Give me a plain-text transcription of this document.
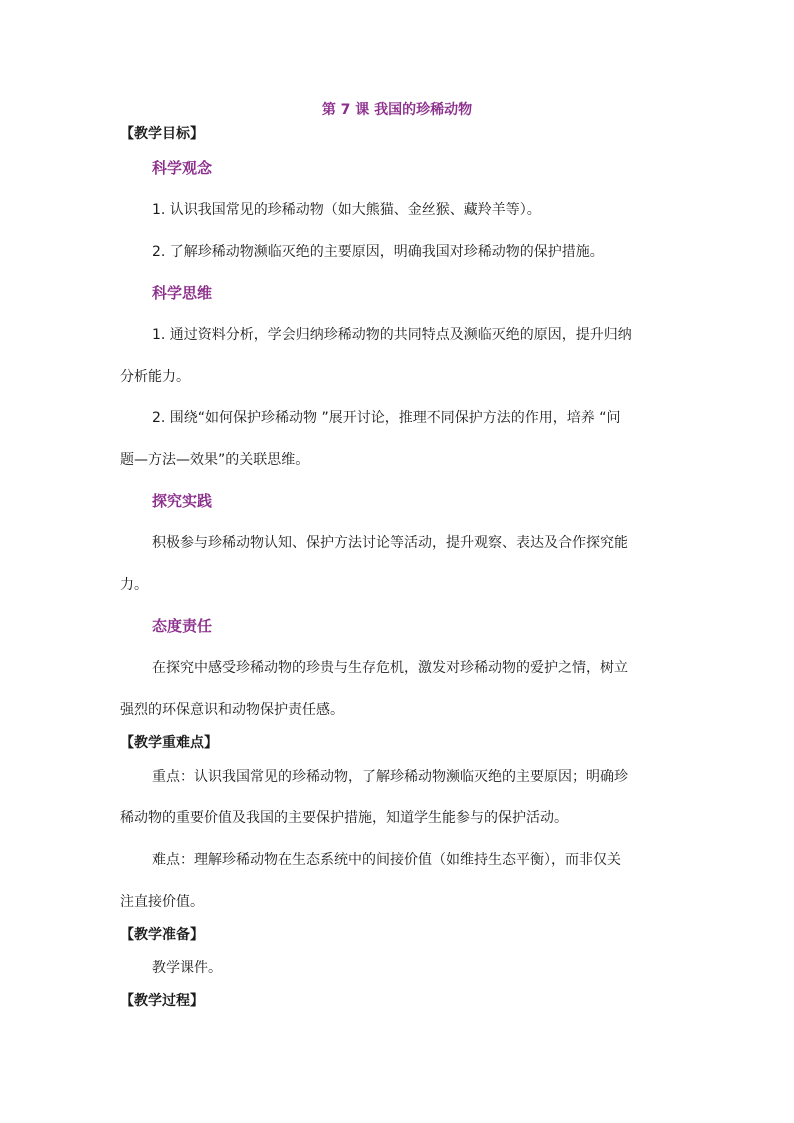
第 7 课 我国的珍稀动物
【教学目标】
科学观念
1. 认识我国常见的珍稀动物（如大熊猫、金丝猴、藏羚羊等）。
2. 了解珍稀动物濒临灭绝的主要原因，明确我国对珍稀动物的保护措施。
科学思维
1. 通过资料分析，学会归纳珍稀动物的共同特点及濒临灭绝的原因，提升归纳
分析能力。
2. 围绕“如何保护珍稀动物 ”展开讨论，推理不同保护方法的作用，培养 “问
题—方法—效果”的关联思维。
探究实践
积极参与珍稀动物认知、保护方法讨论等活动，提升观察、表达及合作探究能
力。
态度责任
在探究中感受珍稀动物的珍贵与生存危机，激发对珍稀动物的爱护之情，树立
强烈的环保意识和动物保护责任感。
【教学重难点】
重点：认识我国常见的珍稀动物，了解珍稀动物濒临灭绝的主要原因；明确珍
稀动物的重要价值及我国的主要保护措施，知道学生能参与的保护活动。
难点：理解珍稀动物在生态系统中的间接价值（如维持生态平衡），而非仅关
注直接价值。
【教学准备】
教学课件。
【教学过程】
